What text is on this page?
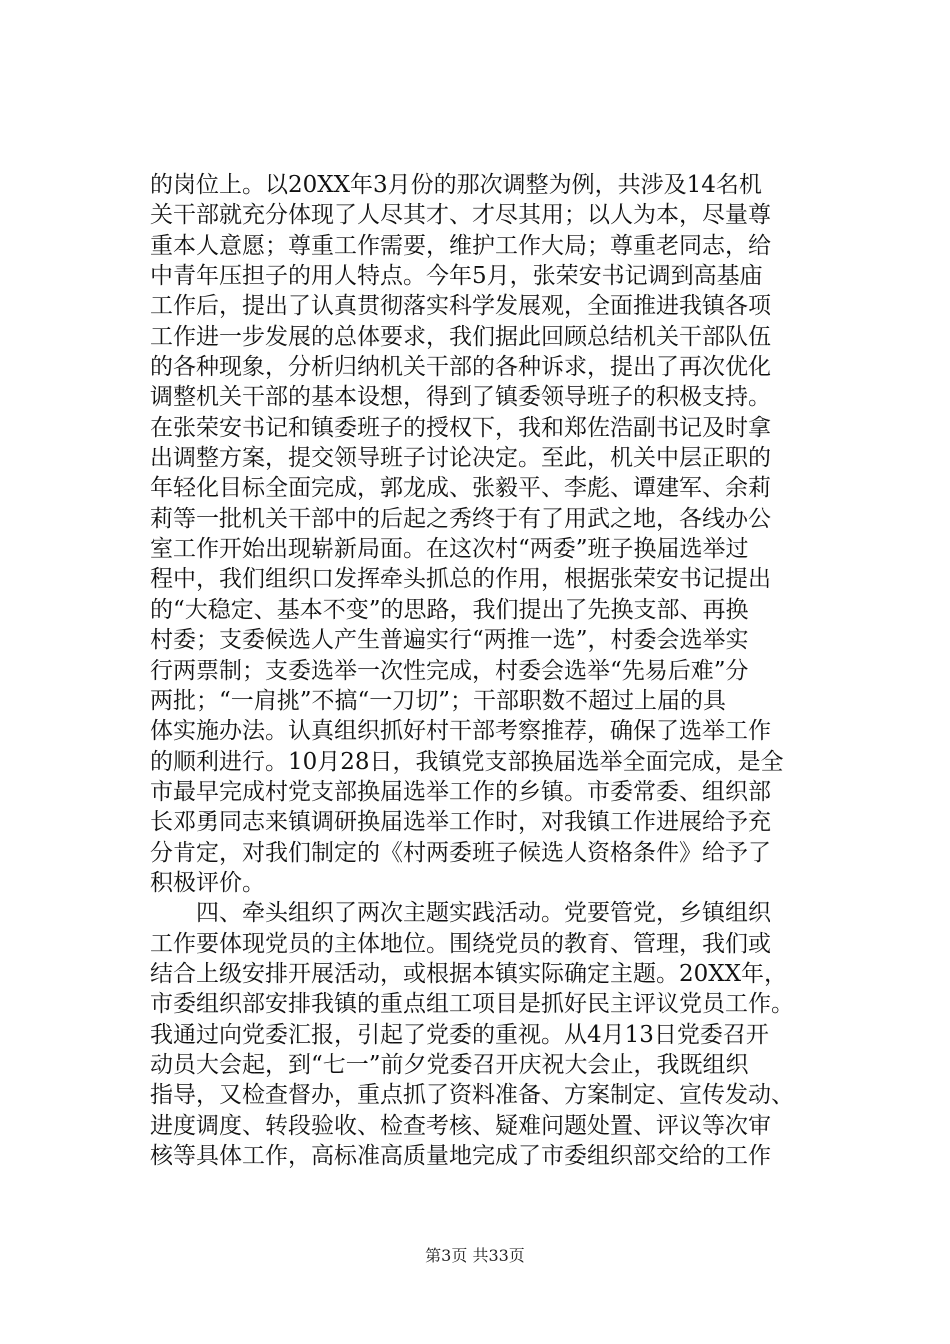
的岗位上。以20XX年3月份的那次调整为例，共涉及14名机
关干部就充分体现了人尽其才、才尽其用；以人为本，尽量尊
重本人意愿；尊重工作需要，维护工作大局；尊重老同志，给
中青年压担子的用人特点。今年5月，张荣安书记调到高基庙
工作后，提出了认真贯彻落实科学发展观，全面推进我镇各项
工作进一步发展的总体要求，我们据此回顾总结机关干部队伍
的各种现象，分析归纳机关干部的各种诉求，提出了再次优化
调整机关干部的基本设想，得到了镇委领导班子的积极支持。
在张荣安书记和镇委班子的授权下，我和郑佐浩副书记及时拿
出调整方案，提交领导班子讨论决定。至此，机关中层正职的
年轻化目标全面完成，郭龙成、张毅平、李彪、谭建军、余莉
莉等一批机关干部中的后起之秀终于有了用武之地，各线办公
室工作开始出现崭新局面。在这次村“两委”班子换届选举过
程中，我们组织口发挥牵头抓总的作用，根据张荣安书记提出
的“大稳定、基本不变”的思路，我们提出了先换支部、再换
村委；支委候选人产生普遍实行“两推一选”，村委会选举实
行两票制；支委选举一次性完成，村委会选举“先易后难”分
两批；“一肩挑”不搞“一刀切”；干部职数不超过上届的具
体实施办法。认真组织抓好村干部考察推荐，确保了选举工作
的顺利进行。10月28日，我镇党支部换届选举全面完成，是全
市最早完成村党支部换届选举工作的乡镇。市委常委、组织部
长邓勇同志来镇调研换届选举工作时，对我镇工作进展给予充
分肯定，对我们制定的《村两委班子候选人资格条件》给予了
积极评价。
　　四、牵头组织了两次主题实践活动。党要管党，乡镇组织
工作要体现党员的主体地位。围绕党员的教育、管理，我们或
结合上级安排开展活动，或根据本镇实际确定主题。20XX年，
市委组织部安排我镇的重点组工项目是抓好民主评议党员工作。
我通过向党委汇报，引起了党委的重视。从4月13日党委召开
动员大会起，到“七一”前夕党委召开庆祝大会止，我既组织
指导，又检查督办，重点抓了资料准备、方案制定、宣传发动、
进度调度、转段验收、检查考核、疑难问题处置、评议等次审
核等具体工作，高标准高质量地完成了市委组织部交给的工作
第3页 共33页
